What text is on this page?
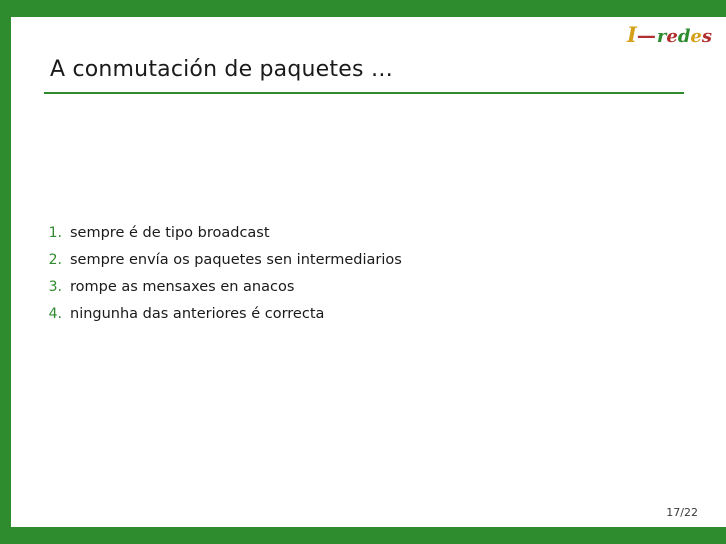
I — r e d e s
A conmutación de paquetes …
1. sempre é de tipo broadcast
2. sempre envía os paquetes sen intermediarios
3. rompe as mensaxes en anacos
4. ningunha das anteriores é correcta
17/22
